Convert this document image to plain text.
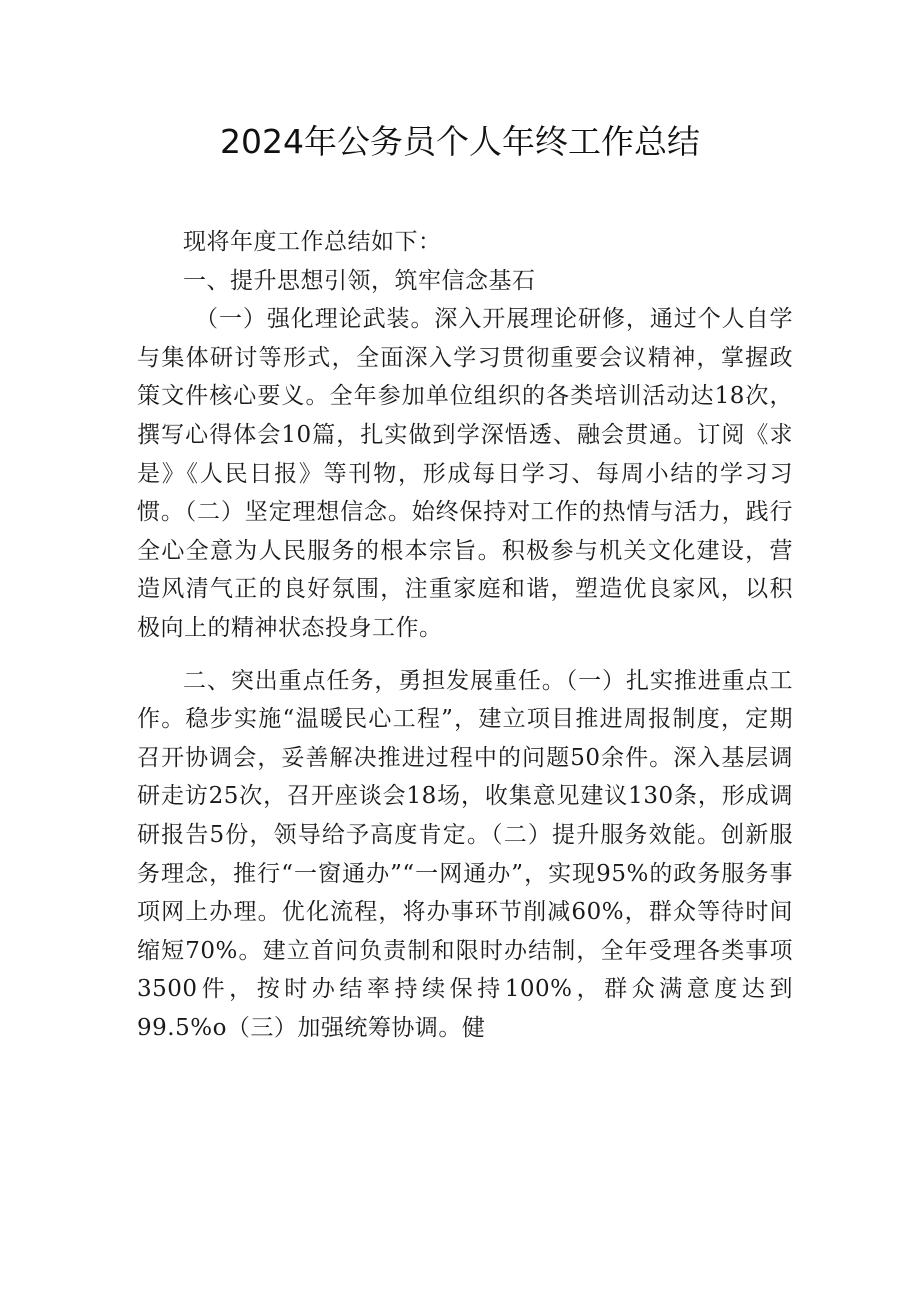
2024年公务员个人年终工作总结

现将年度工作总结如下：

一、提升思想引领，筑牢信念基石

（一）强化理论武装。深入开展理论研修，通过个人自学与集体研讨等形式，全面深入学习贯彻重要会议精神，掌握政策文件核心要义。全年参加单位组织的各类培训活动达18次，撰写心得体会10篇，扎实做到学深悟透、融会贯通。订阅《求是》《人民日报》等刊物，形成每日学习、每周小结的学习习惯。（二）坚定理想信念。始终保持对工作的热情与活力，践行全心全意为人民服务的根本宗旨。积极参与机关文化建设，营造风清气正的良好氛围，注重家庭和谐，塑造优良家风，以积极向上的精神状态投身工作。

二、突出重点任务，勇担发展重任。（一）扎实推进重点工作。稳步实施“温暖民心工程”，建立项目推进周报制度，定期召开协调会，妥善解决推进过程中的问题50余件。深入基层调研走访25次，召开座谈会18场，收集意见建议130条，形成调研报告5份，领导给予高度肯定。（二）提升服务效能。创新服务理念，推行“一窗通办”“一网通办”，实现95%的政务服务事项网上办理。优化流程，将办事环节削减60%，群众等待时间缩短70%。建立首问负责制和限时办结制，全年受理各类事项3500件，按时办结率持续保持100%，群众满意度达到99.5%o（三）加强统筹协调。健
